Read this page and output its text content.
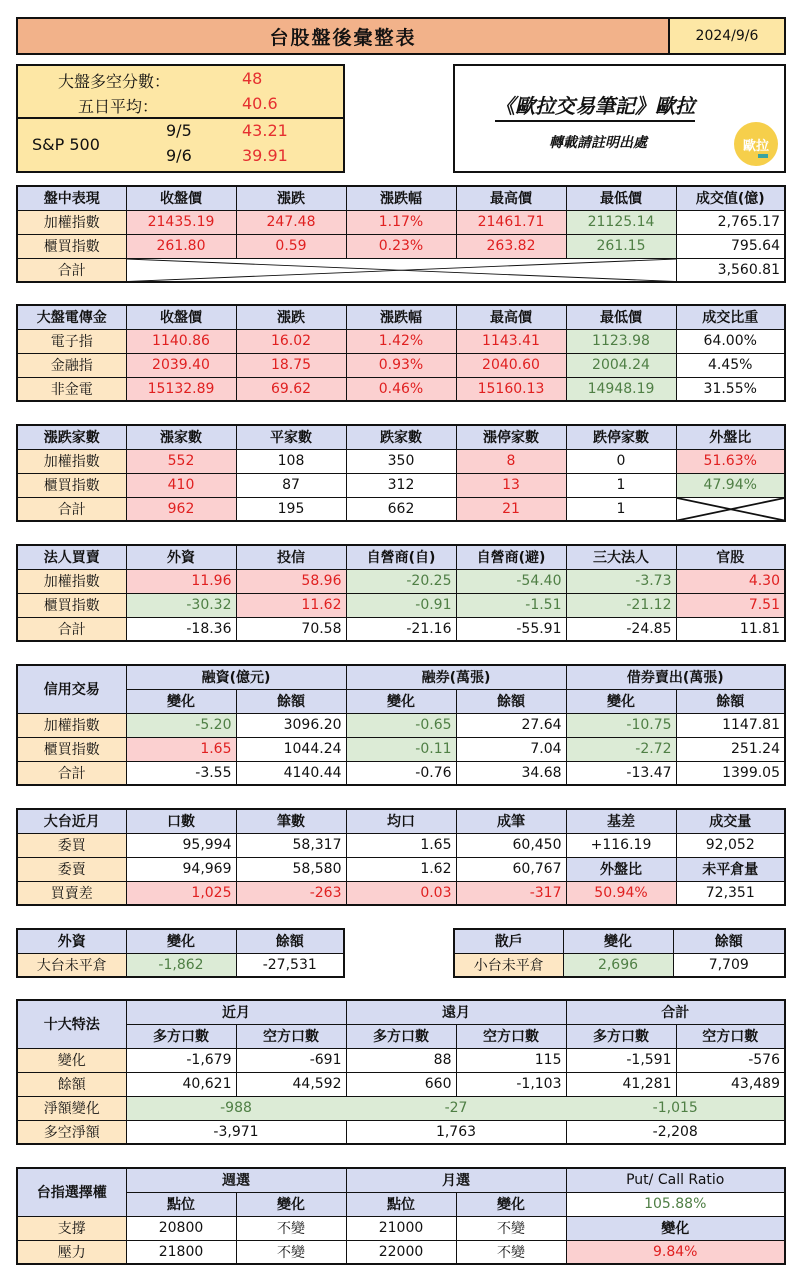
台股盤後彙整表	2024/9/6
大盤多空分數：	48
五日平均：	40.6
S&P 500
9/5	43.21
9/6	39.91
《歐拉交易筆記》歐拉
轉載請註明出處	歐拉
盤中表現	收盤價	漲跌	漲跌幅	最高價	最低價	成交值(億)
加權指數	21435.19	247.48	1.17%	21461.71	21125.14	2,765.17
櫃買指數	261.80	0.59	0.23%	263.82	261.15	795.64
合計						3,560.81
大盤電傳金	收盤價	漲跌	漲跌幅	最高價	最低價	成交比重
電子指	1140.86	16.02	1.42%	1143.41	1123.98	64.00%
金融指	2039.40	18.75	0.93%	2040.60	2004.24	4.45%
非金電	15132.89	69.62	0.46%	15160.13	14948.19	31.55%
漲跌家數	漲家數	平家數	跌家數	漲停家數	跌停家數	外盤比
加權指數	552	108	350	8	0	51.63%
櫃買指數	410	87	312	13	1	47.94%
合計	962	195	662	21	1	
法人買賣	外資	投信	自營商(自)	自營商(避)	三大法人	官股
加權指數	11.96	58.96	-20.25	-54.40	-3.73	4.30
櫃買指數	-30.32	11.62	-0.91	-1.51	-21.12	7.51
合計	-18.36	70.58	-21.16	-55.91	-24.85	11.81
信用交易	融資(億元)		融券(萬張)		借券賣出(萬張)	
	變化	餘額	變化	餘額	變化	餘額
加權指數	-5.20	3096.20	-0.65	27.64	-10.75	1147.81
櫃買指數	1.65	1044.24	-0.11	7.04	-2.72	251.24
合計	-3.55	4140.44	-0.76	34.68	-13.47	1399.05
大台近月	口數	筆數	均口	成筆	基差	成交量
委買	95,994	58,317	1.65	60,450	+116.19	92,052
委賣	94,969	58,580	1.62	60,767	外盤比	未平倉量
買賣差	1,025	-263	0.03	-317	50.94%	72,351
外資	變化	餘額
大台未平倉	-1,862	-27,531
散戶	變化	餘額
小台未平倉	2,696	7,709
十大特法	近月		遠月		合計	
	多方口數	空方口數	多方口數	空方口數	多方口數	空方口數
變化	-1,679	-691	88	115	-1,591	-576
餘額	40,621	44,592	660	-1,103	41,281	43,489
淨額變化	-988		-27		-1,015	
多空淨額	-3,971		1,763		-2,208	
台指選擇權	週選		月選		Put/ Call Ratio
	點位	變化	點位	變化	105.88%
支撐	20800	不變	21000	不變	變化
壓力	21800	不變	22000	不變	9.84%
